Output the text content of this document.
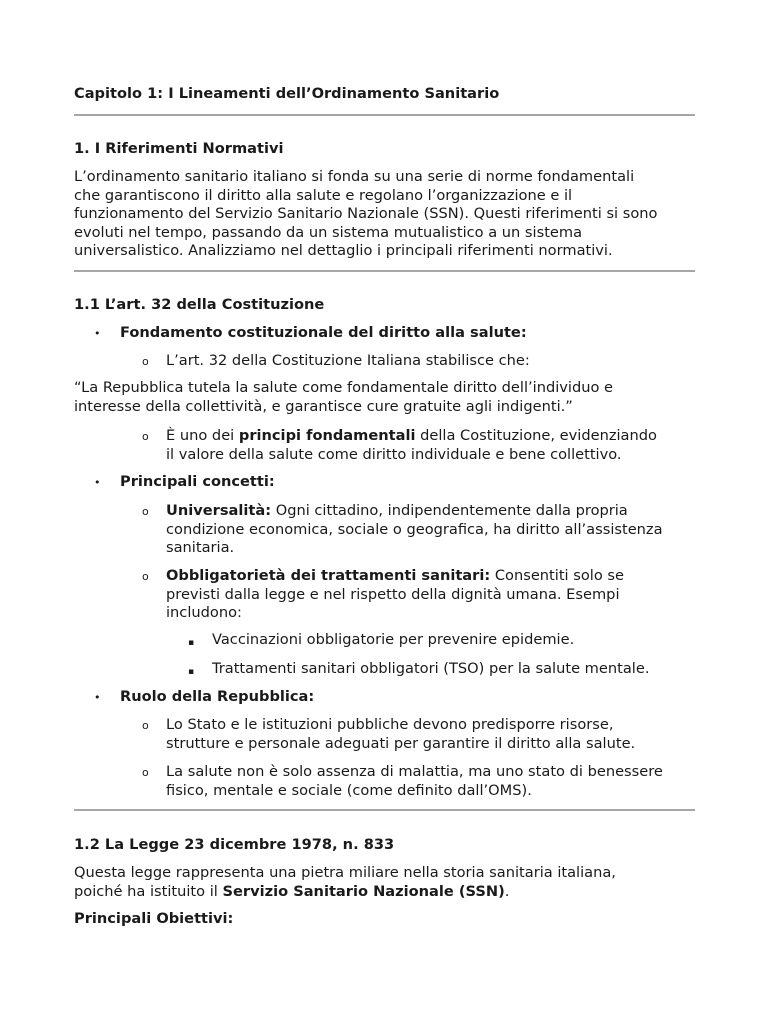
Capitolo 1: I Lineamenti dell’Ordinamento Sanitario

1. I Riferimenti Normativi

L’ordinamento sanitario italiano si fonda su una serie di norme fondamentali

che garantiscono il diritto alla salute e regolano l’organizzazione e il

funzionamento del Servizio Sanitario Nazionale (SSN). Questi riferimenti si sono

evoluti nel tempo, passando da un sistema mutualistico a un sistema

universalistico. Analizziamo nel dettaglio i principali riferimenti normativi.

1.1 L’art. 32 della Costituzione

• Fondamento costituzionale del diritto alla salute:

o L’art. 32 della Costituzione Italiana stabilisce che:

“La Repubblica tutela la salute come fondamentale diritto dell’individuo e

interesse della collettività, e garantisce cure gratuite agli indigenti.”

o È uno dei principi fondamentali della Costituzione, evidenziando

il valore della salute come diritto individuale e bene collettivo.

• Principali concetti:

o Universalità: Ogni cittadino, indipendentemente dalla propria

condizione economica, sociale o geografica, ha diritto all’assistenza

sanitaria.

o Obbligatorietà dei trattamenti sanitari: Consentiti solo se

previsti dalla legge e nel rispetto della dignità umana. Esempi

includono:

▪ Vaccinazioni obbligatorie per prevenire epidemie.

▪ Trattamenti sanitari obbligatori (TSO) per la salute mentale.

• Ruolo della Repubblica:

o Lo Stato e le istituzioni pubbliche devono predisporre risorse,

strutture e personale adeguati per garantire il diritto alla salute.

o La salute non è solo assenza di malattia, ma uno stato di benessere

fisico, mentale e sociale (come definito dall’OMS).

1.2 La Legge 23 dicembre 1978, n. 833

Questa legge rappresenta una pietra miliare nella storia sanitaria italiana,

poiché ha istituito il Servizio Sanitario Nazionale (SSN).

Principali Obiettivi:
